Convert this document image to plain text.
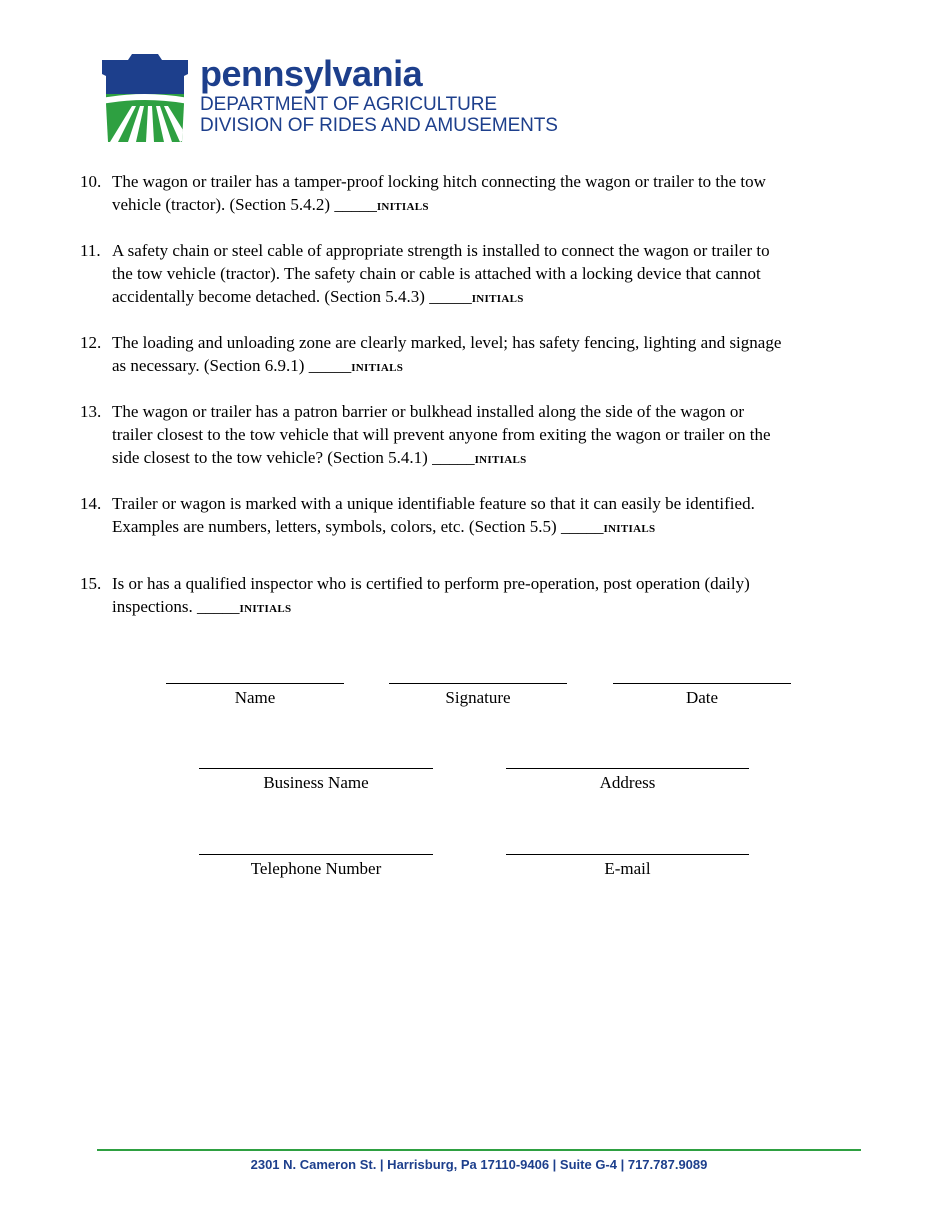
pennsylvania
DEPARTMENT OF AGRICULTURE
DIVISION OF RIDES AND AMUSEMENTS
10. The wagon or trailer has a tamper-proof locking hitch connecting the wagon or trailer to the tow
vehicle (tractor). (Section 5.4.2) _____INITIALS
11. A safety chain or steel cable of appropriate strength is installed to connect the wagon or trailer to
the tow vehicle (tractor). The safety chain or cable is attached with a locking device that cannot
accidentally become detached. (Section 5.4.3) _____INITIALS
12. The loading and unloading zone are clearly marked, level; has safety fencing, lighting and signage
as necessary. (Section 6.9.1) _____INITIALS
13. The wagon or trailer has a patron barrier or bulkhead installed along the side of the wagon or
trailer closest to the tow vehicle that will prevent anyone from exiting the wagon or trailer on the
side closest to the tow vehicle? (Section 5.4.1) _____INITIALS
14. Trailer or wagon is marked with a unique identifiable feature so that it can easily be identified.
Examples are numbers, letters, symbols, colors, etc. (Section 5.5) _____INITIALS
15. Is or has a qualified inspector who is certified to perform pre-operation, post operation (daily)
inspections. _____INITIALS
Name	Signature	Date
Business Name	Address
Telephone Number	E-mail
2301 N. Cameron St. | Harrisburg, Pa 17110-9406 | Suite G-4 | 717.787.9089
